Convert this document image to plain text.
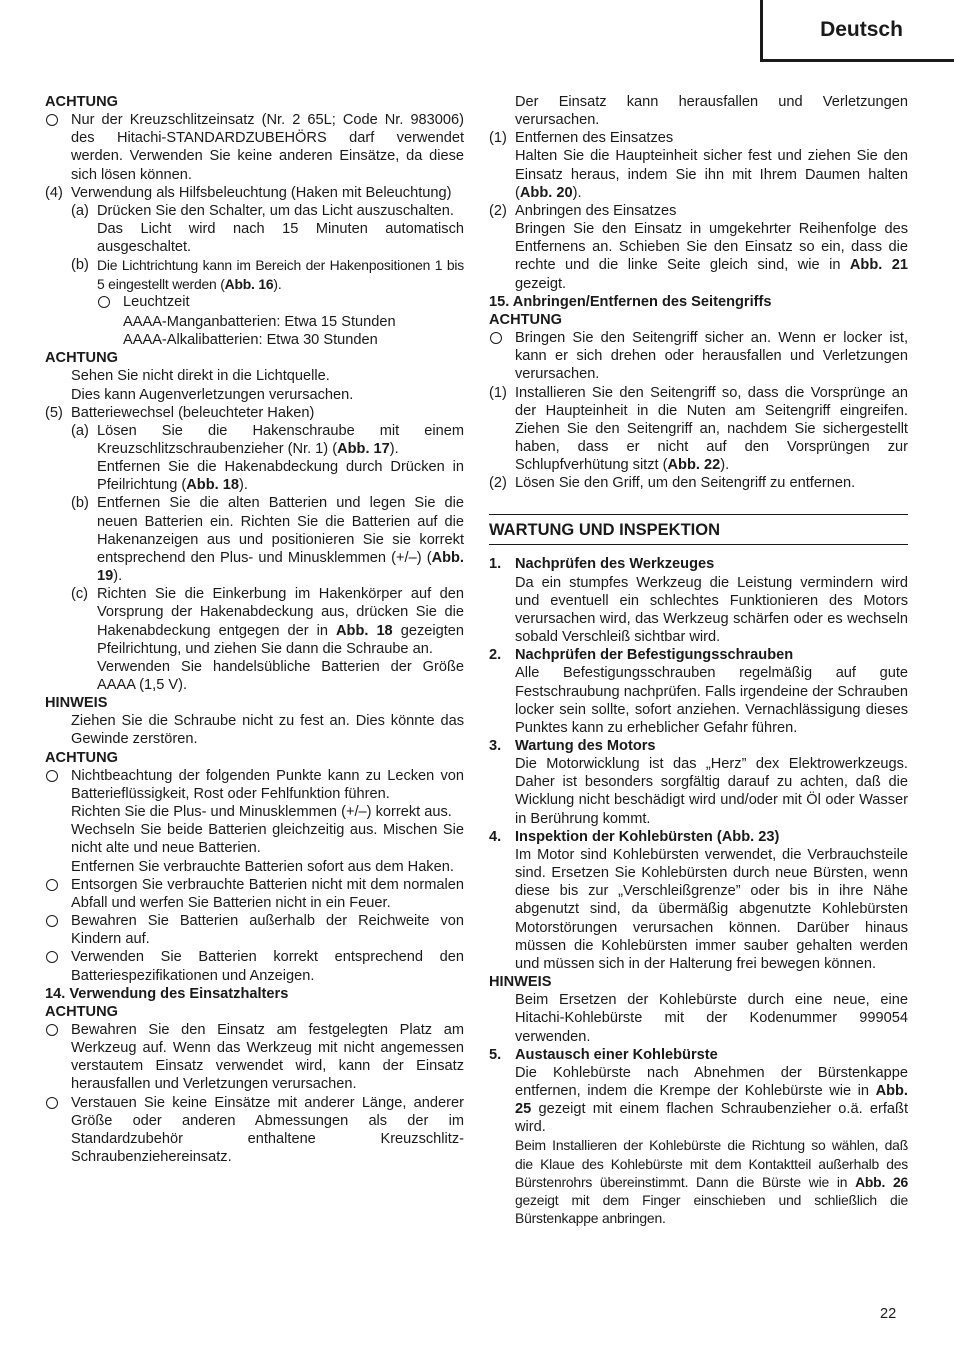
Deutsch
ACHTUNG
Nur der Kreuzschlitzeinsatz (Nr. 2 65L; Code Nr. 983006) des Hitachi-STANDARDZUBEHÖRS darf verwendet werden. Verwenden Sie keine anderen Einsätze, da diese sich lösen können.
(4) Verwendung als Hilfsbeleuchtung (Haken mit Beleuchtung)
(a) Drücken Sie den Schalter, um das Licht auszuschalten.
Das Licht wird nach 15 Minuten automatisch ausgeschaltet.
(b) Die Lichtrichtung kann im Bereich der Hakenpositionen 1 bis 5 eingestellt werden (Abb. 16).
Leuchtzeit
AAAA-Manganbatterien: Etwa 15 Stunden
AAAA-Alkalibatterien: Etwa 30 Stunden
ACHTUNG
Sehen Sie nicht direkt in die Lichtquelle.
Dies kann Augenverletzungen verursachen.
(5) Batteriewechsel (beleuchteter Haken)
(a) Lösen Sie die Hakenschraube mit einem Kreuzschlitzschraubenzieher (Nr. 1) (Abb. 17).
Entfernen Sie die Hakenabdeckung durch Drücken in Pfeilrichtung (Abb. 18).
(b) Entfernen Sie die alten Batterien und legen Sie die neuen Batterien ein. Richten Sie die Batterien auf die Hakenanzeigen aus und positionieren Sie sie korrekt entsprechend den Plus- und Minusklemmen (+/–) (Abb. 19).
(c) Richten Sie die Einkerbung im Hakenkörper auf den Vorsprung der Hakenabdeckung aus, drücken Sie die Hakenabdeckung entgegen der in Abb. 18 gezeigten Pfeilrichtung, und ziehen Sie dann die Schraube an.
Verwenden Sie handelsübliche Batterien der Größe AAAA (1,5 V).
HINWEIS
Ziehen Sie die Schraube nicht zu fest an. Dies könnte das Gewinde zerstören.
ACHTUNG
Nichtbeachtung der folgenden Punkte kann zu Lecken von Batterieflüssigkeit, Rost oder Fehlfunktion führen.
Richten Sie die Plus- und Minusklemmen (+/–) korrekt aus.
Wechseln Sie beide Batterien gleichzeitig aus. Mischen Sie nicht alte und neue Batterien.
Entfernen Sie verbrauchte Batterien sofort aus dem Haken.
Entsorgen Sie verbrauchte Batterien nicht mit dem normalen Abfall und werfen Sie Batterien nicht in ein Feuer.
Bewahren Sie Batterien außerhalb der Reichweite von Kindern auf.
Verwenden Sie Batterien korrekt entsprechend den Batteriespezifikationen und Anzeigen.
14. Verwendung des Einsatzhalters
ACHTUNG
Bewahren Sie den Einsatz am festgelegten Platz am Werkzeug auf. Wenn das Werkzeug mit nicht angemessen verstautem Einsatz verwendet wird, kann der Einsatz herausfallen und Verletzungen verursachen.
Verstauen Sie keine Einsätze mit anderer Länge, anderer Größe oder anderen Abmessungen als der im Standardzubehör enthaltene Kreuzschlitz-Schraubenziehereinsatz.
Der Einsatz kann herausfallen und Verletzungen verursachen.
(1) Entfernen des Einsatzes
Halten Sie die Haupteinheit sicher fest und ziehen Sie den Einsatz heraus, indem Sie ihn mit Ihrem Daumen halten (Abb. 20).
(2) Anbringen des Einsatzes
Bringen Sie den Einsatz in umgekehrter Reihenfolge des Entfernens an. Schieben Sie den Einsatz so ein, dass die rechte und die linke Seite gleich sind, wie in Abb. 21 gezeigt.
15. Anbringen/Entfernen des Seitengriffs
ACHTUNG
Bringen Sie den Seitengriff sicher an. Wenn er locker ist, kann er sich drehen oder herausfallen und Verletzungen verursachen.
(1) Installieren Sie den Seitengriff so, dass die Vorsprünge an der Haupteinheit in die Nuten am Seitengriff eingreifen. Ziehen Sie den Seitengriff an, nachdem Sie sichergestellt haben, dass er nicht auf den Vorsprüngen zur Schlupfverhütung sitzt (Abb. 22).
(2) Lösen Sie den Griff, um den Seitengriff zu entfernen.
WARTUNG UND INSPEKTION
1. Nachprüfen des Werkzeuges
Da ein stumpfes Werkzeug die Leistung vermindern wird und eventuell ein schlechtes Funktionieren des Motors verursachen wird, das Werkzeug schärfen oder es wechseln sobald Verschleiß sichtbar wird.
2. Nachprüfen der Befestigungsschrauben
Alle Befestigungsschrauben regelmäßig auf gute Festschraubung nachprüfen. Falls irgendeine der Schrauben locker sein sollte, sofort anziehen. Vernachlässigung dieses Punktes kann zu erheblicher Gefahr führen.
3. Wartung des Motors
Die Motorwicklung ist das „Herz” dex Elektrowerkzeugs. Daher ist besonders sorgfältig darauf zu achten, daß die Wicklung nicht beschädigt wird und/oder mit Öl oder Wasser in Berührung kommt.
4. Inspektion der Kohlebürsten (Abb. 23)
Im Motor sind Kohlebürsten verwendet, die Verbrauchsteile sind. Ersetzen Sie Kohlebürsten durch neue Bürsten, wenn diese bis zur „Verschleißgrenze” oder bis in ihre Nähe abgenutzt sind, da übermäßig abgenutzte Kohlebürsten Motorstörungen verursachen können. Darüber hinaus müssen die Kohlebürsten immer sauber gehalten werden und müssen sich in der Halterung frei bewegen können.
HINWEIS
Beim Ersetzen der Kohlebürste durch eine neue, eine Hitachi-Kohlebürste mit der Kodenummer 999054 verwenden.
5. Austausch einer Kohlebürste
Die Kohlebürste nach Abnehmen der Bürstenkappe entfernen, indem die Krempe der Kohlebürste wie in Abb. 25 gezeigt mit einem flachen Schraubenzieher o.ä. erfaßt wird.
Beim Installieren der Kohlebürste die Richtung so wählen, daß die Klaue des Kohlebürste mit dem Kontaktteil außerhalb des Bürstenrohrs übereinstimmt. Dann die Bürste wie in Abb. 26 gezeigt mit dem Finger einschieben und schließlich die Bürstenkappe anbringen.
22
